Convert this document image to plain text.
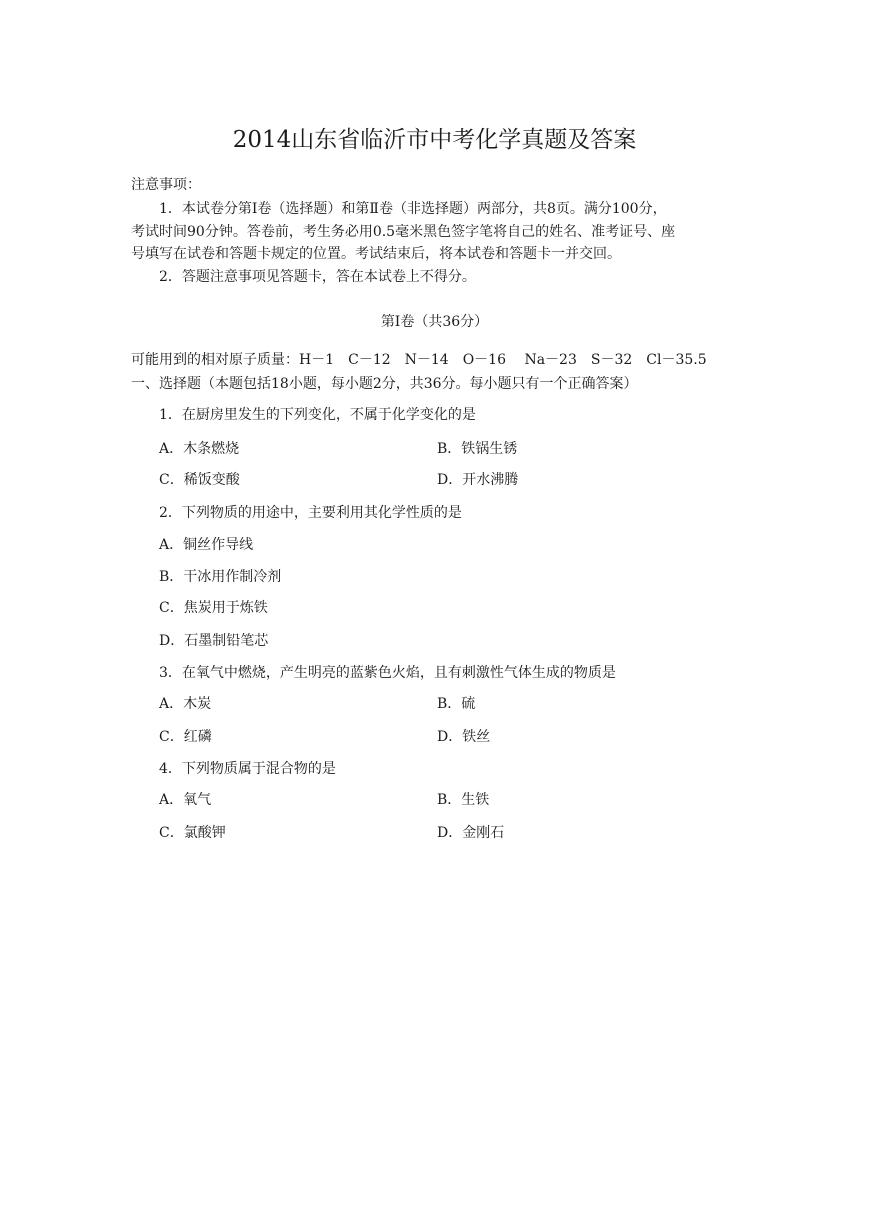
2014山东省临沂市中考化学真题及答案
注意事项：
1．本试卷分第Ⅰ卷（选择题）和第Ⅱ卷（非选择题）两部分，共8页。满分100分，
考试时间90分钟。答卷前，考生务必用0.5毫米黑色签字笔将自己的姓名、准考证号、座
号填写在试卷和答题卡规定的位置。考试结束后，将本试卷和答题卡一并交回。
2．答题注意事项见答题卡，答在本试卷上不得分。
第Ⅰ卷（共36分）
可能用到的相对原子质量：H－1　C－12　N－14　O－16　 Na－23　S－32　Cl－35.5
一、选择题（本题包括18小题，每小题2分，共36分。每小题只有一个正确答案）
1．在厨房里发生的下列变化，不属于化学变化的是
A．木条燃烧	B．铁锅生锈
C．稀饭变酸	D．开水沸腾
2．下列物质的用途中，主要利用其化学性质的是
A．铜丝作导线
B．干冰用作制冷剂
C．焦炭用于炼铁
D．石墨制铅笔芯
3．在氧气中燃烧，产生明亮的蓝紫色火焰，且有刺激性气体生成的物质是
A．木炭	B．硫
C．红磷	D．铁丝
4．下列物质属于混合物的是
A．氧气	B．生铁
C．氯酸钾	D．金刚石
